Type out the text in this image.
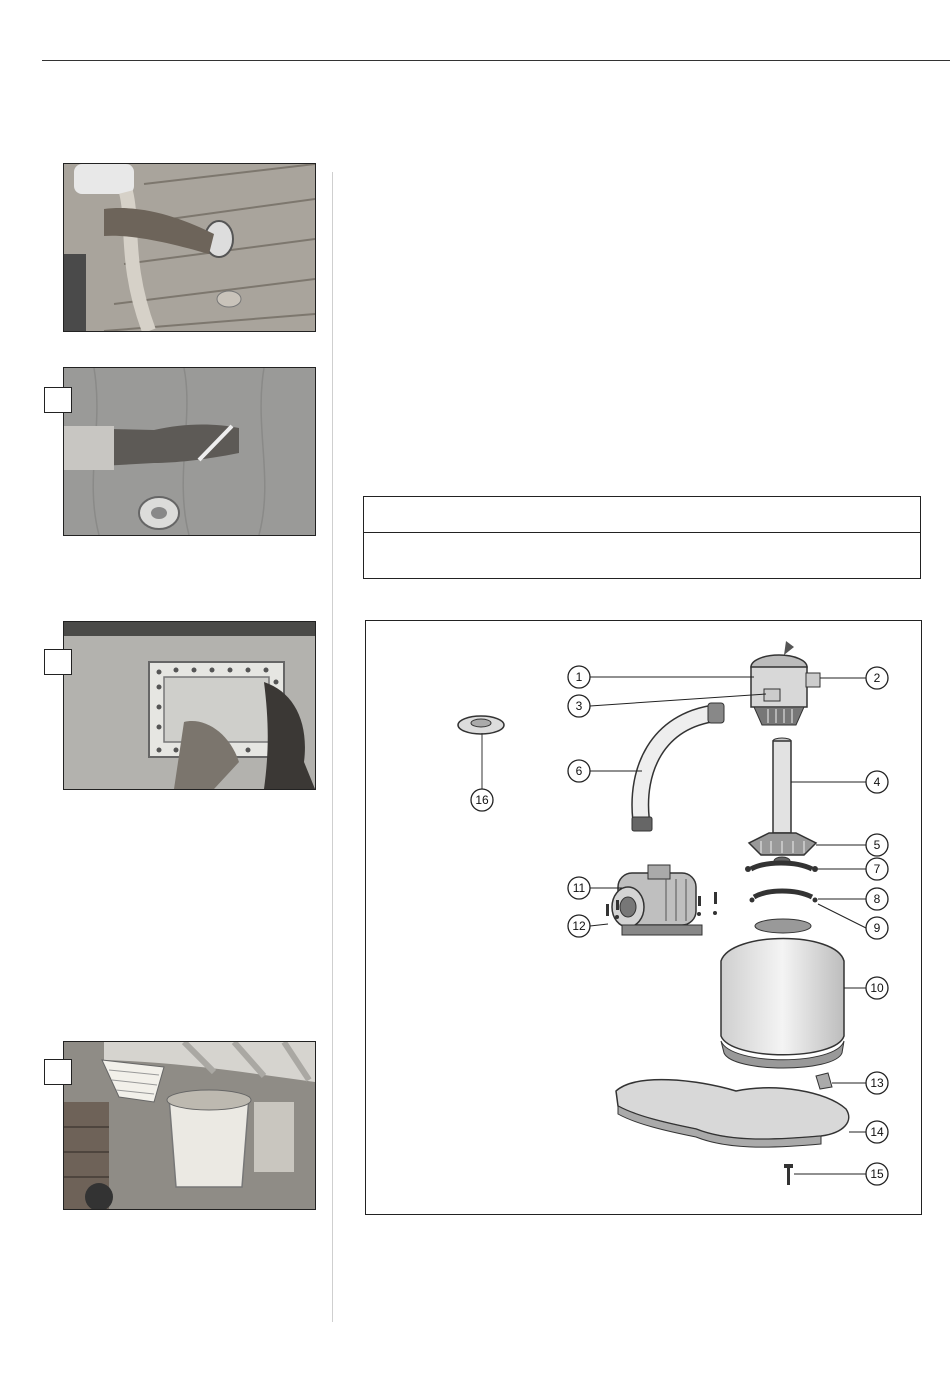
1	2
3
4
5
6
7
8
9
10
11
12
13
14
15
16
